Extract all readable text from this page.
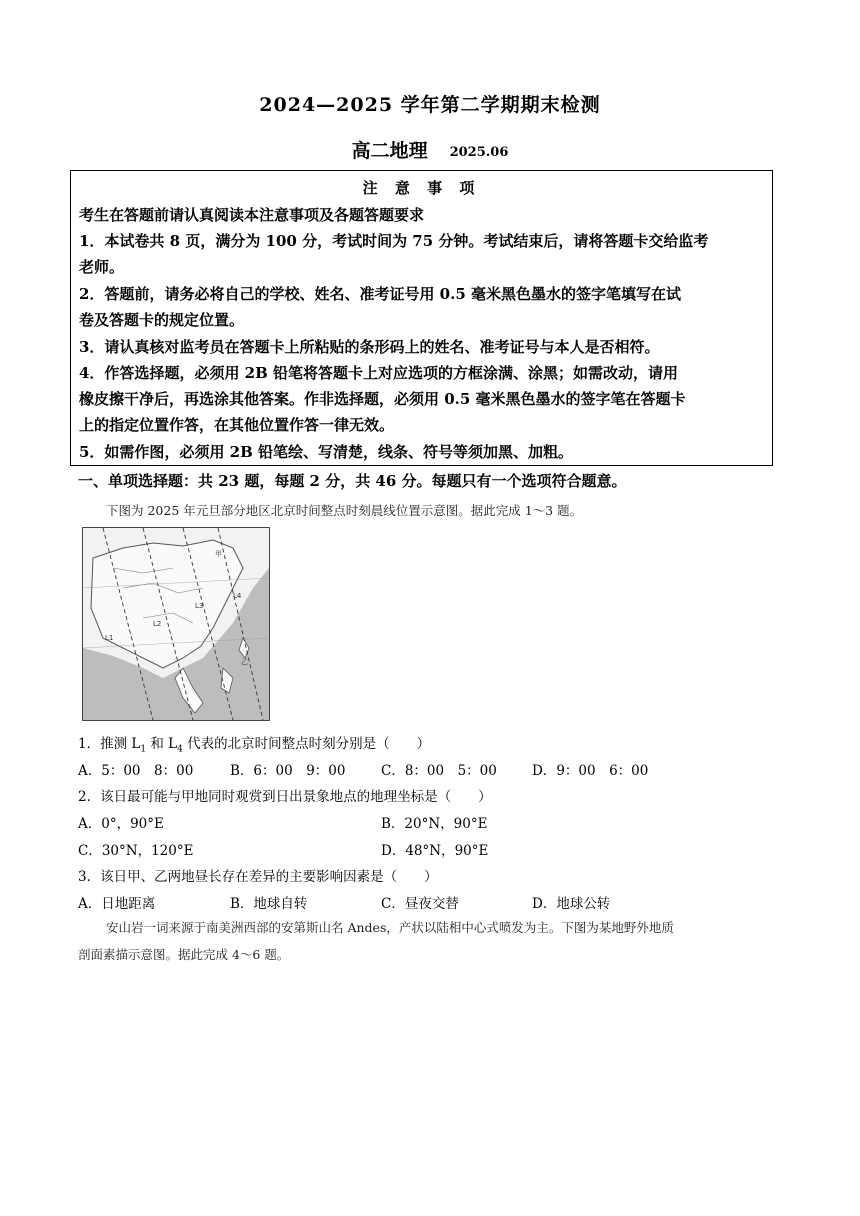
2024—2025 学年第二学期期末检测
高二地理 2025.06
注 意 事 项
考生在答题前请认真阅读本注意事项及各题答题要求
1．本试卷共 8 页，满分为 100 分，考试时间为 75 分钟。考试结束后，请将答题卡交给监考
老师。
2．答题前，请务必将自己的学校、姓名、准考证号用 0.5 毫米黑色墨水的签字笔填写在试
卷及答题卡的规定位置。
3．请认真核对监考员在答题卡上所粘贴的条形码上的姓名、准考证号与本人是否相符。
4．作答选择题，必须用 2B 铅笔将答题卡上对应选项的方框涂满、涂黑；如需改动，请用
橡皮擦干净后，再选涂其他答案。作非选择题，必须用 0.5 毫米黑色墨水的签字笔在答题卡
上的指定位置作答，在其他位置作答一律无效。
5．如需作图，必须用 2B 铅笔绘、写清楚，线条、符号等须加黑、加粗。
一、单项选择题：共 23 题，每题 2 分，共 46 分。每题只有一个选项符合题意。
下图为 2025 年元旦部分地区北京时间整点时刻晨线位置示意图。据此完成 1～3 题。
L1
L2
L3
L4
甲
乙
1．推测 $L_1$ 和 $L_4$ 代表的北京时间整点时刻分别是（　　）
A．5：00　8：00	B．6：00　9：00	C．8：00　5：00	D．9：00　6：00
2．该日最可能与甲地同时观赏到日出景象地点的地理坐标是（　　）
A．0°，90°E	B．20°N，90°E
C．30°N，120°E	D．48°N，90°E
3．该日甲、乙两地昼长存在差异的主要影响因素是（　　）
A．日地距离	B．地球自转	C．昼夜交替	D．地球公转
安山岩一词来源于南美洲西部的安第斯山名 Andes，产状以陆相中心式喷发为主。下图为某地野外地质
剖面素描示意图。据此完成 4～6 题。
